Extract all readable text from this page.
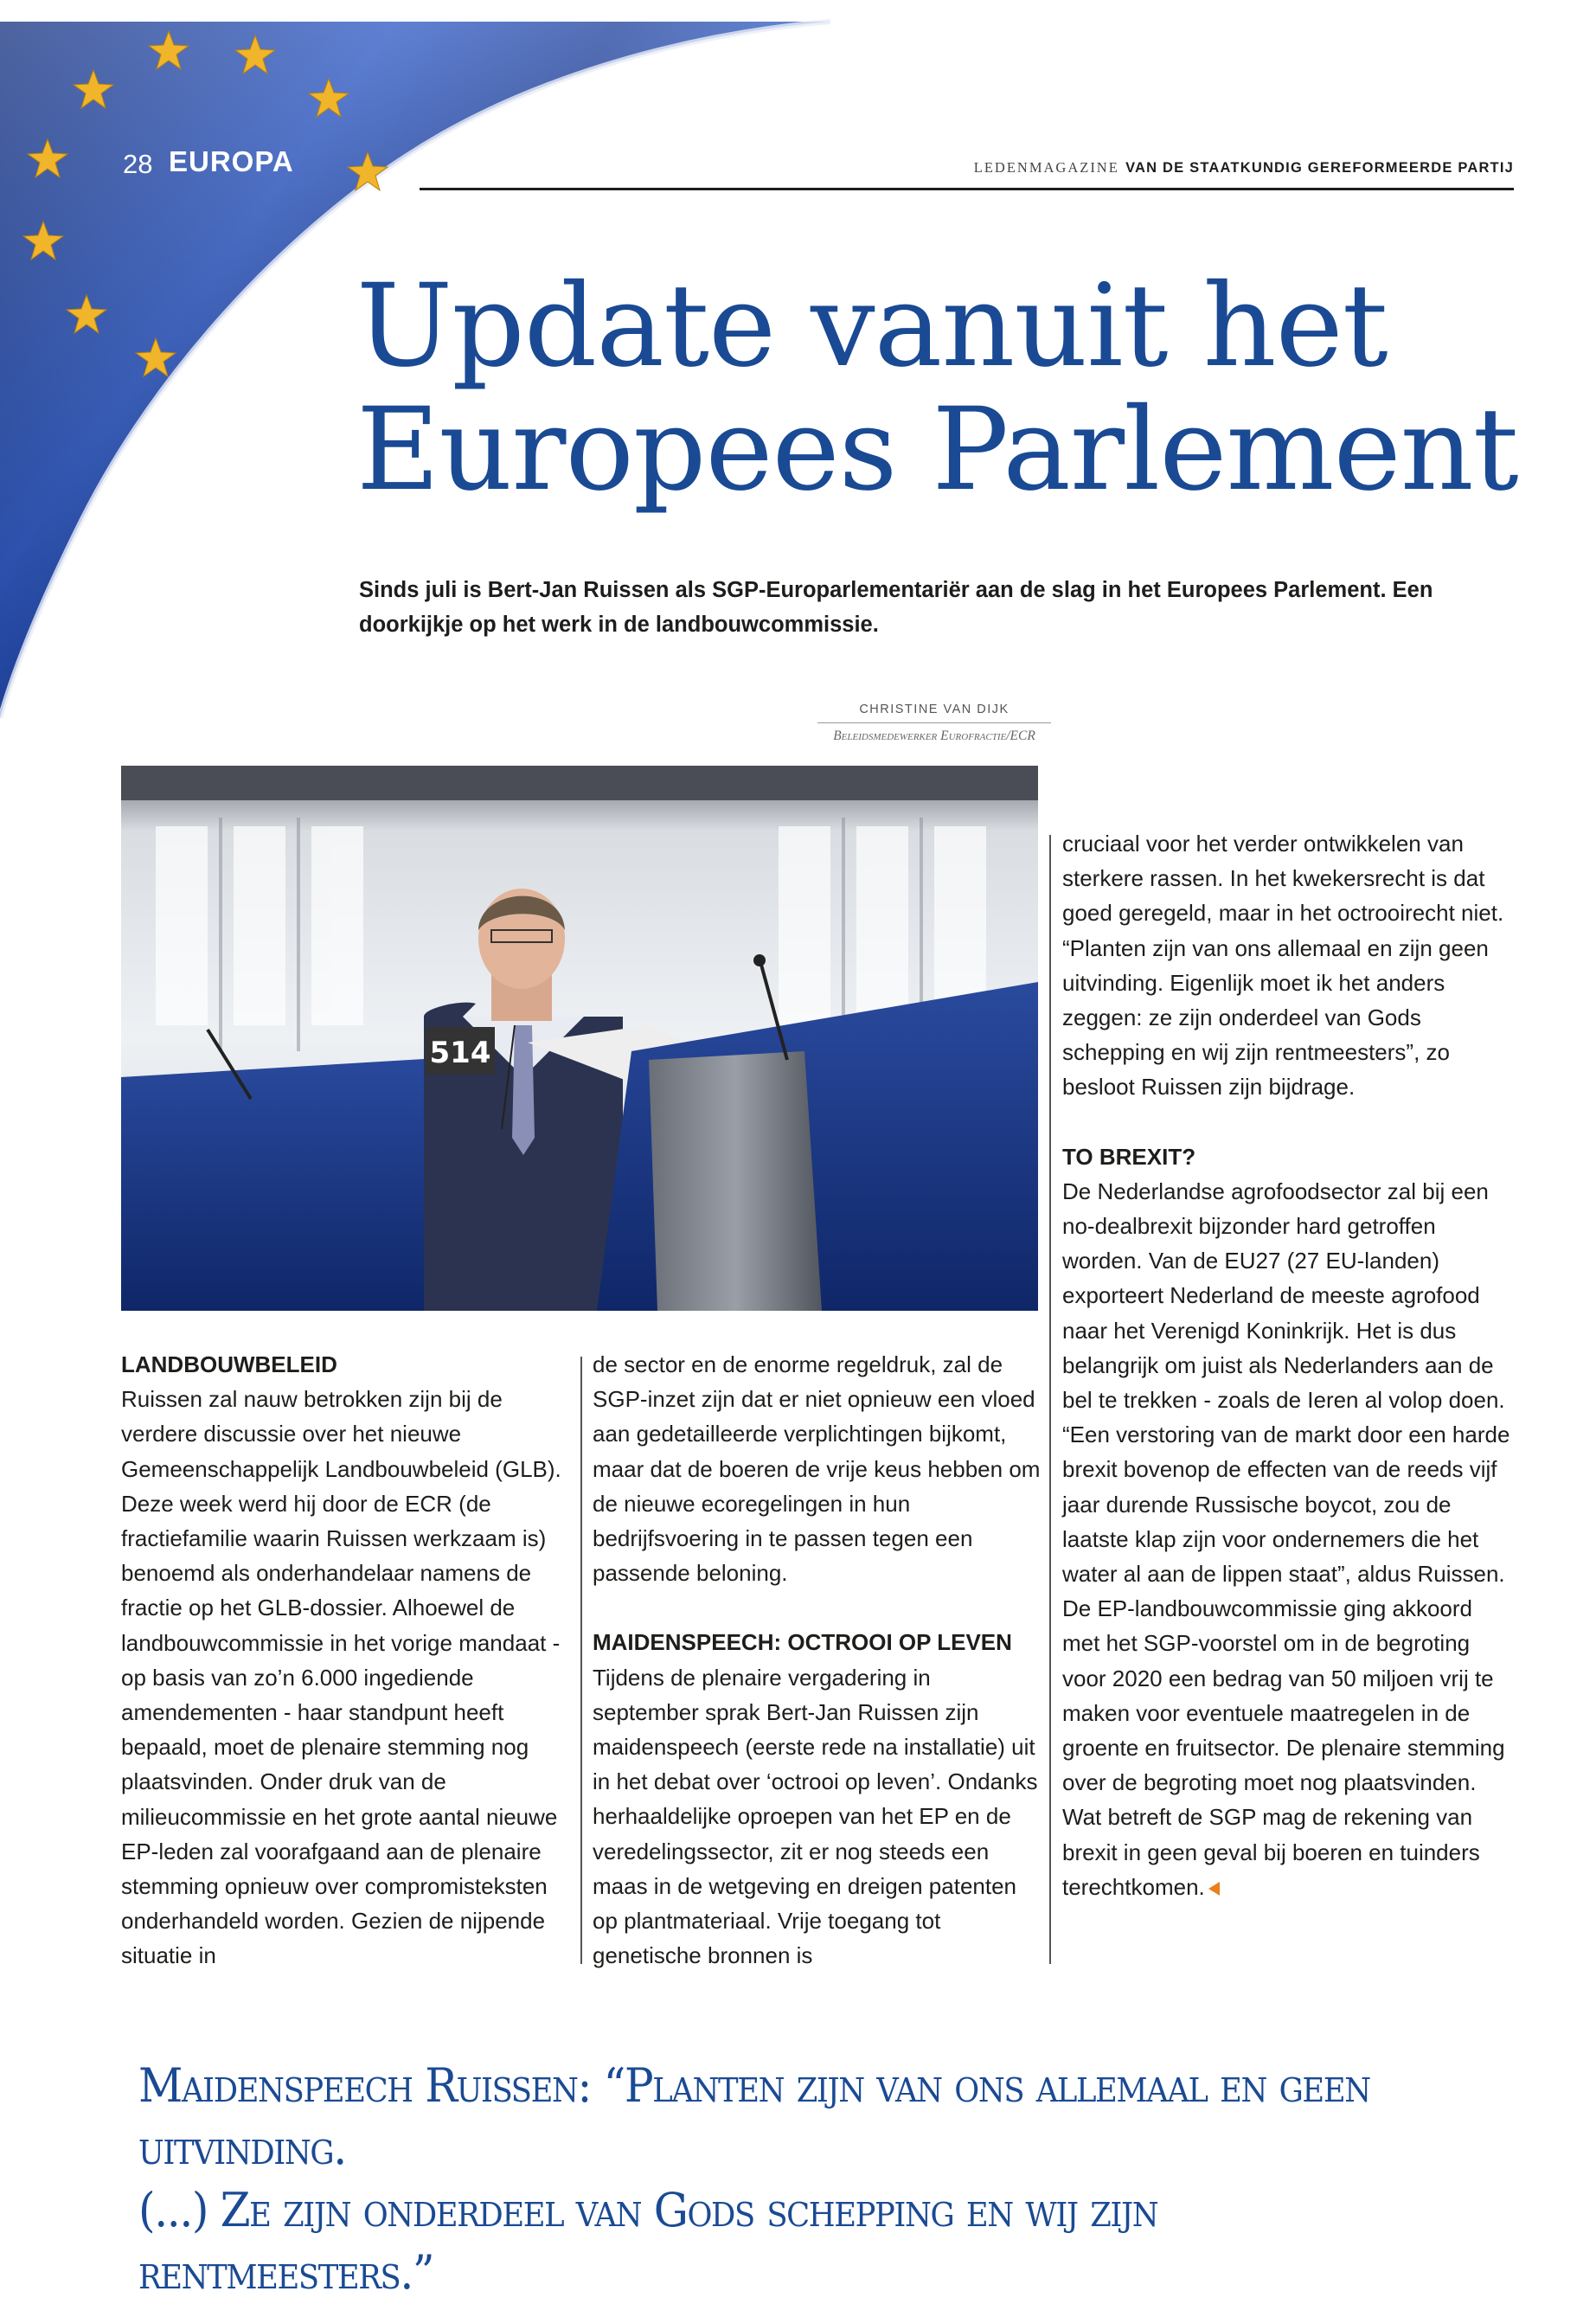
28 EUROPA	LEDENMAGAZINE VAN DE STAATKUNDIG GEREFORMEERDE PARTIJ
Update vanuit het
Europees Parlement

Sinds juli is Bert-Jan Ruissen als SGP-Europarlementariër aan de slag in het Europees Parlement. Een doorkijkje op het werk in de landbouwcommissie.

CHRISTINE VAN DIJK
Beleidsmedewerker Eurofractie/ECR
514
LANDBOUWBELEID

Ruissen zal nauw betrokken zijn bij de verdere discussie over het nieuwe Gemeenschappelijk Landbouwbeleid (GLB). Deze week werd hij door de ECR (de fractiefamilie waarin Ruissen werkzaam is) benoemd als onderhandelaar namens de fractie op het GLB-dossier. Alhoewel de landbouwcommissie in het vorige mandaat - op basis van zo’n 6.000 ingediende amendementen - haar standpunt heeft bepaald, moet de plenaire stemming nog plaatsvinden. Onder druk van de milieucommissie en het grote aantal nieuwe EP-leden zal voorafgaand aan de plenaire stemming opnieuw over compromisteksten onderhandeld worden. Gezien de nijpende situatie in

de sector en de enorme regeldruk, zal de SGP-inzet zijn dat er niet opnieuw een vloed aan gedetailleerde verplichtingen bijkomt, maar dat de boeren de vrije keus hebben om de nieuwe ecoregelingen in hun bedrijfsvoering in te passen tegen een passende beloning.

MAIDENSPEECH: OCTROOI OP LEVEN

Tijdens de plenaire vergadering in september sprak Bert-Jan Ruissen zijn maidenspeech (eerste rede na installatie) uit in het debat over ‘octrooi op leven’. Ondanks herhaaldelijke oproepen van het EP en de veredelingssector, zit er nog steeds een maas in de wetgeving en dreigen patenten op plantmateriaal. Vrije toegang tot genetische bronnen is

cruciaal voor het verder ontwikkelen van sterkere rassen. In het kwekersrecht is dat goed geregeld, maar in het octrooirecht niet. “Planten zijn van ons allemaal en zijn geen uitvinding. Eigenlijk moet ik het anders zeggen: ze zijn onderdeel van Gods schepping en wij zijn rentmeesters”, zo besloot Ruissen zijn bijdrage.

TO BREXIT?

De Nederlandse agrofoodsector zal bij een no-dealbrexit bijzonder hard getroffen worden. Van de EU27 (27 EU-landen) exporteert Nederland de meeste agrofood naar het Verenigd Koninkrijk. Het is dus belangrijk om juist als Nederlanders aan de bel te trekken - zoals de Ieren al volop doen. “Een verstoring van de markt door een harde brexit bovenop de effecten van de reeds vijf jaar durende Russische boycot, zou de laatste klap zijn voor ondernemers die het water al aan de lippen staat”, aldus Ruissen. De EP-landbouwcommissie ging akkoord met het SGP-voorstel om in de begroting voor 2020 een bedrag van 50 miljoen vrij te maken voor eventuele maatregelen in de groente en fruitsector. De plenaire stemming over de begroting moet nog plaatsvinden. Wat betreft de SGP mag de rekening van brexit in geen geval bij boeren en tuinders terechtkomen.

Maidenspeech Ruissen: “Planten zijn van ons allemaal en geen uitvinding.
(...) Ze zijn onderdeel van Gods schepping en wij zijn rentmeesters.”
